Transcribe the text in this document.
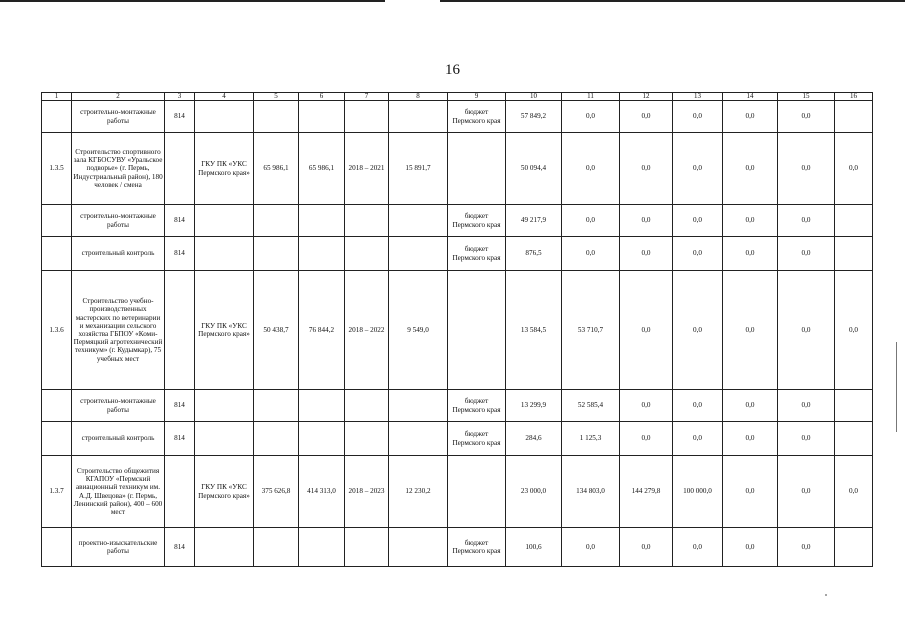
16
1	2	3	4	5	6	7	8	9	10	11	12	13	14	15	16
	строительно-монтажные работы	814						бюджет Пермского края	57 849,2	0,0	0,0	0,0	0,0	0,0	
1.3.5	Строительство спортивного зала КГБОСУВУ «Уральское подворье» (г. Пермь, Индустриальный район), 180 человек / смена		ГКУ ПК «УКС Пермского края»	65 986,1	65 986,1	2018 – 2021	15 891,7		50 094,4	0,0	0,0	0,0	0,0	0,0	0,0
	строительно-монтажные работы	814						бюджет Пермского края	49 217,9	0,0	0,0	0,0	0,0	0,0	
	строительный контроль	814						бюджет Пермского края	876,5	0,0	0,0	0,0	0,0	0,0	
1.3.6	Строительство учебно-производственных мастерских по ветеринарии и механизации сельского хозяйства ГБПОУ «Коми-Пермяцкий агротехнический техникум» (г. Кудымкар), 75 учебных мест		ГКУ ПК «УКС Пермского края»	50 438,7	76 844,2	2018 – 2022	9 549,0		13 584,5	53 710,7	0,0	0,0	0,0	0,0	0,0
	строительно-монтажные работы	814						бюджет Пермского края	13 299,9	52 585,4	0,0	0,0	0,0	0,0	
	строительный контроль	814						бюджет Пермского края	284,6	1 125,3	0,0	0,0	0,0	0,0	
1.3.7	Строительство общежития КГАПОУ «Пермский авиационный техникум им. А.Д. Швецова» (г. Пермь, Ленинский район), 400 – 600 мест		ГКУ ПК «УКС Пермского края»	375 626,8	414 313,0	2018 – 2023	12 230,2		23 000,0	134 803,0	144 279,8	100 000,0	0,0	0,0	0,0
	проектно-изыскательские работы	814						бюджет Пермского края	100,6	0,0	0,0	0,0	0,0	0,0	
